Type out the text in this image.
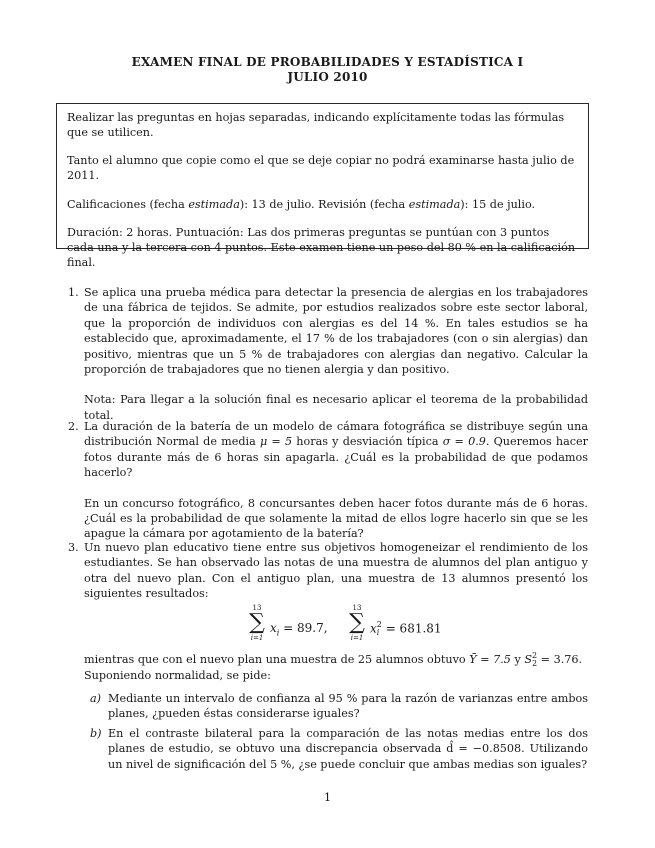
EXAMEN FINAL DE PROBABILIDADES Y ESTADÍSTICA I
JULIO 2010

Realizar las preguntas en hojas separadas, indicando explícitamente todas las fórmulas que se utilicen.

Tanto el alumno que copie como el que se deje copiar no podrá examinarse hasta julio de 2011.

Calificaciones (fecha estimada): 13 de julio. Revisión (fecha estimada): 15 de julio.

Duración: 2 horas. Puntuación: Las dos primeras preguntas se puntúan con 3 puntos cada una y la tercera con 4 puntos. Este examen tiene un peso del 80 % en la calificación final.

1. Se aplica una prueba médica para detectar la presencia de alergias en los trabajadores de una fábrica de tejidos. Se admite, por estudios realizados sobre este sector laboral, que la proporción de individuos con alergias es del 14 %. En tales estudios se ha establecido que, aproximadamente, el 17 % de los trabajadores (con o sin alergias) dan positivo, mientras que un 5 % de trabajadores con alergias dan negativo. Calcular la proporción de trabajadores que no tienen alergia y dan positivo.

Nota: Para llegar a la solución final es necesario aplicar el teorema de la probabilidad total.

2. La duración de la batería de un modelo de cámara fotográfica se distribuye según una distribución Normal de media μ = 5 horas y desviación típica σ = 0.9. Queremos hacer fotos durante más de 6 horas sin apagarla. ¿Cuál es la probabilidad de que podamos hacerlo?

En un concurso fotográfico, 8 concursantes deben hacer fotos durante más de 6 horas. ¿Cuál es la probabilidad de que solamente la mitad de ellos logre hacerlo sin que se les apague la cámara por agotamiento de la batería?

3. Un nuevo plan educativo tiene entre sus objetivos homogeneizar el rendimiento de los estudiantes. Se han observado las notas de una muestra de alumnos del plan antiguo y otra del nuevo plan. Con el antiguo plan, una muestra de 13 alumnos presentó los siguientes resultados:

13
∑
i=1
$x_i = 89.7$,
13
∑
i=1
x 2
i = 681.81

mientras que con el nuevo plan una muestra de 25 alumnos obtuvo Ȳ = 7.5 y S 2
2 = 3.76.

Suponiendo normalidad, se pide:

a) Mediante un intervalo de confianza al 95 % para la razón de varianzas entre ambos planes, ¿pueden éstas considerarse iguales?
b) En el contraste bilateral para la comparación de las notas medias entre los dos planes de estudio, se obtuvo una discrepancia observada d̂ = −0.8508. Utilizando un nivel de significación del 5 %, ¿se puede concluir que ambas medias son iguales?
1
